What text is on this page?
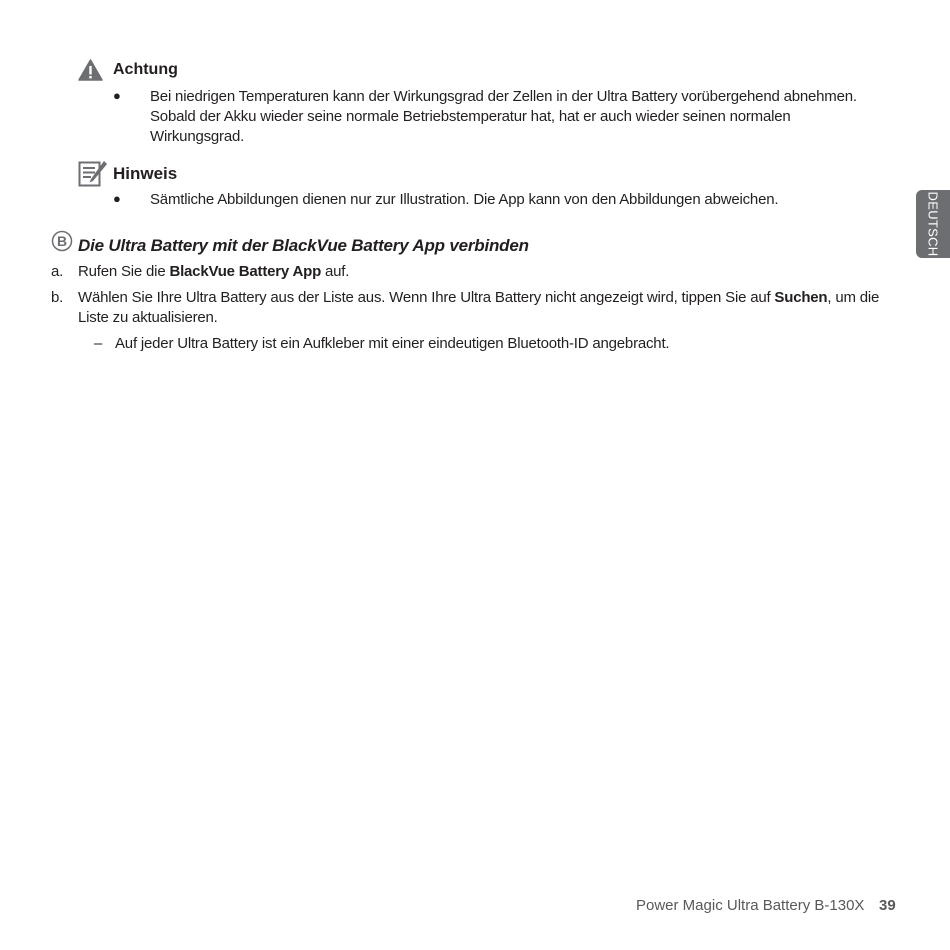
Achtung
● Bei niedrigen Temperaturen kann der Wirkungsgrad der Zellen in der Ultra Battery vorübergehend abnehmen.
Sobald der Akku wieder seine normale Betriebstemperatur hat, hat er auch wieder seinen normalen
Wirkungsgrad.
Hinweis
● Sämtliche Abbildungen dienen nur zur Illustration. Die App kann von den Abbildungen abweichen.	DEUTSCH
B Die Ultra Battery mit der BlackVue Battery App verbinden
a. Rufen Sie die BlackVue Battery App auf.
b. Wählen Sie Ihre Ultra Battery aus der Liste aus. Wenn Ihre Ultra Battery nicht angezeigt wird, tippen Sie auf Suchen, um die
Liste zu aktualisieren.
– Auf jeder Ultra Battery ist ein Aufkleber mit einer eindeutigen Bluetooth-ID angebracht.
Power Magic Ultra Battery B-130X 39
